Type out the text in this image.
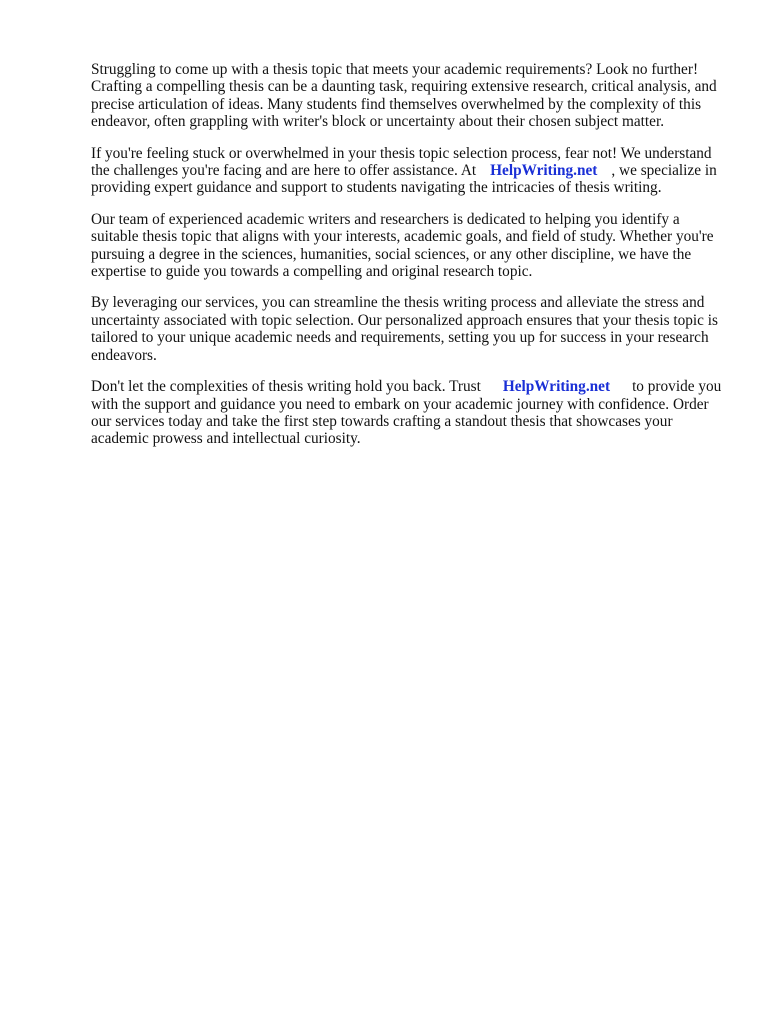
Struggling to come up with a thesis topic that meets your academic requirements? Look no further! Crafting a compelling thesis can be a daunting task, requiring extensive research, critical analysis, and precise articulation of ideas. Many students find themselves overwhelmed by the complexity of this endeavor, often grappling with writer's block or uncertainty about their chosen subject matter.

If you're feeling stuck or overwhelmed in your thesis topic selection process, fear not! We understand the challenges you're facing and are here to offer assistance. At HelpWriting.net , we specialize in providing expert guidance and support to students navigating the intricacies of thesis writing.

Our team of experienced academic writers and researchers is dedicated to helping you identify a suitable thesis topic that aligns with your interests, academic goals, and field of study. Whether you're pursuing a degree in the sciences, humanities, social sciences, or any other discipline, we have the expertise to guide you towards a compelling and original research topic.

By leveraging our services, you can streamline the thesis writing process and alleviate the stress and uncertainty associated with topic selection. Our personalized approach ensures that your thesis topic is tailored to your unique academic needs and requirements, setting you up for success in your research endeavors.

Don't let the complexities of thesis writing hold you back. Trust HelpWriting.net to provide you with the support and guidance you need to embark on your academic journey with confidence. Order our services today and take the first step towards crafting a standout thesis that showcases your academic prowess and intellectual curiosity.
